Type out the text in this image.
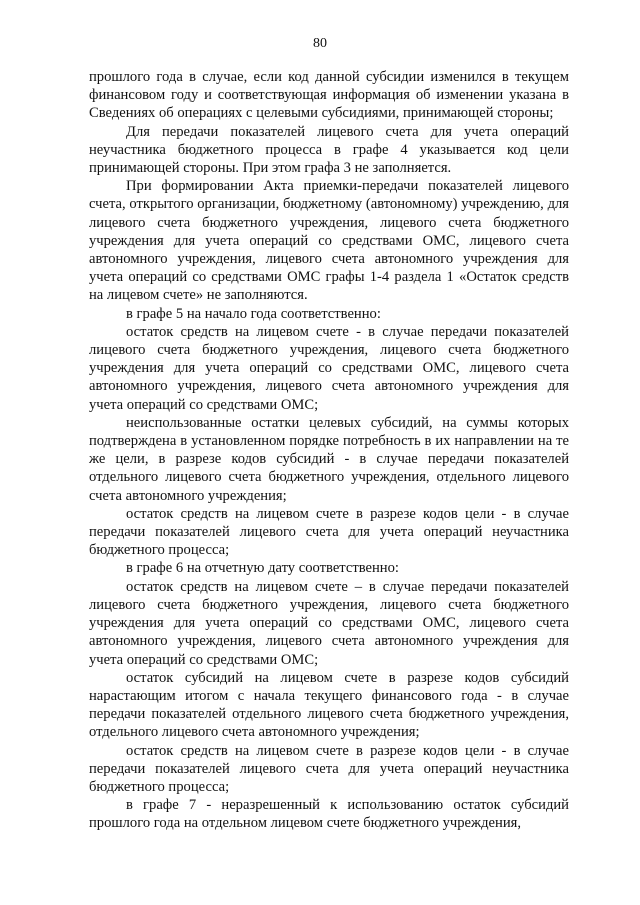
80

прошлого года в случае, если код данной субсидии изменился в текущем финансовом году и соответствующая информация об изменении указана в Сведениях об операциях с целевыми субсидиями, принимающей стороны;

Для передачи показателей лицевого счета для учета операций неучастника бюджетного процесса в графе 4 указывается код цели принимающей стороны. При этом графа 3 не заполняется.

При формировании Акта приемки-передачи показателей лицевого счета, открытого организации, бюджетному (автономному) учреждению, для лицевого счета бюджетного учреждения, лицевого счета бюджетного учреждения для учета операций со средствами ОМС, лицевого счета автономного учреждения, лицевого счета автономного учреждения для учета операций со средствами ОМС графы 1-4 раздела 1 «Остаток средств на лицевом счете» не заполняются.

в графе 5 на начало года соответственно:

остаток средств на лицевом счете - в случае передачи показателей лицевого счета бюджетного учреждения, лицевого счета бюджетного учреждения для учета операций со средствами ОМС, лицевого счета автономного учреждения, лицевого счета автономного учреждения для учета операций со средствами ОМС;

неиспользованные остатки целевых субсидий, на суммы которых подтверждена в установленном порядке потребность в их направлении на те же цели, в разрезе кодов субсидий - в случае передачи показателей отдельного лицевого счета бюджетного учреждения, отдельного лицевого счета автономного учреждения;

остаток средств на лицевом счете в разрезе кодов цели - в случае передачи показателей лицевого счета для учета операций неучастника бюджетного процесса;

в графе 6 на отчетную дату соответственно:

остаток средств на лицевом счете – в случае передачи показателей лицевого счета бюджетного учреждения, лицевого счета бюджетного учреждения для учета операций со средствами ОМС, лицевого счета автономного учреждения, лицевого счета автономного учреждения для учета операций со средствами ОМС;

остаток субсидий на лицевом счете в разрезе кодов субсидий нарастающим итогом с начала текущего финансового года - в случае передачи показателей отдельного лицевого счета бюджетного учреждения, отдельного лицевого счета автономного учреждения;

остаток средств на лицевом счете в разрезе кодов цели - в случае передачи показателей лицевого счета для учета операций неучастника бюджетного процесса;

в графе 7 - неразрешенный к использованию остаток субсидий прошлого года на отдельном лицевом счете бюджетного учреждения,
